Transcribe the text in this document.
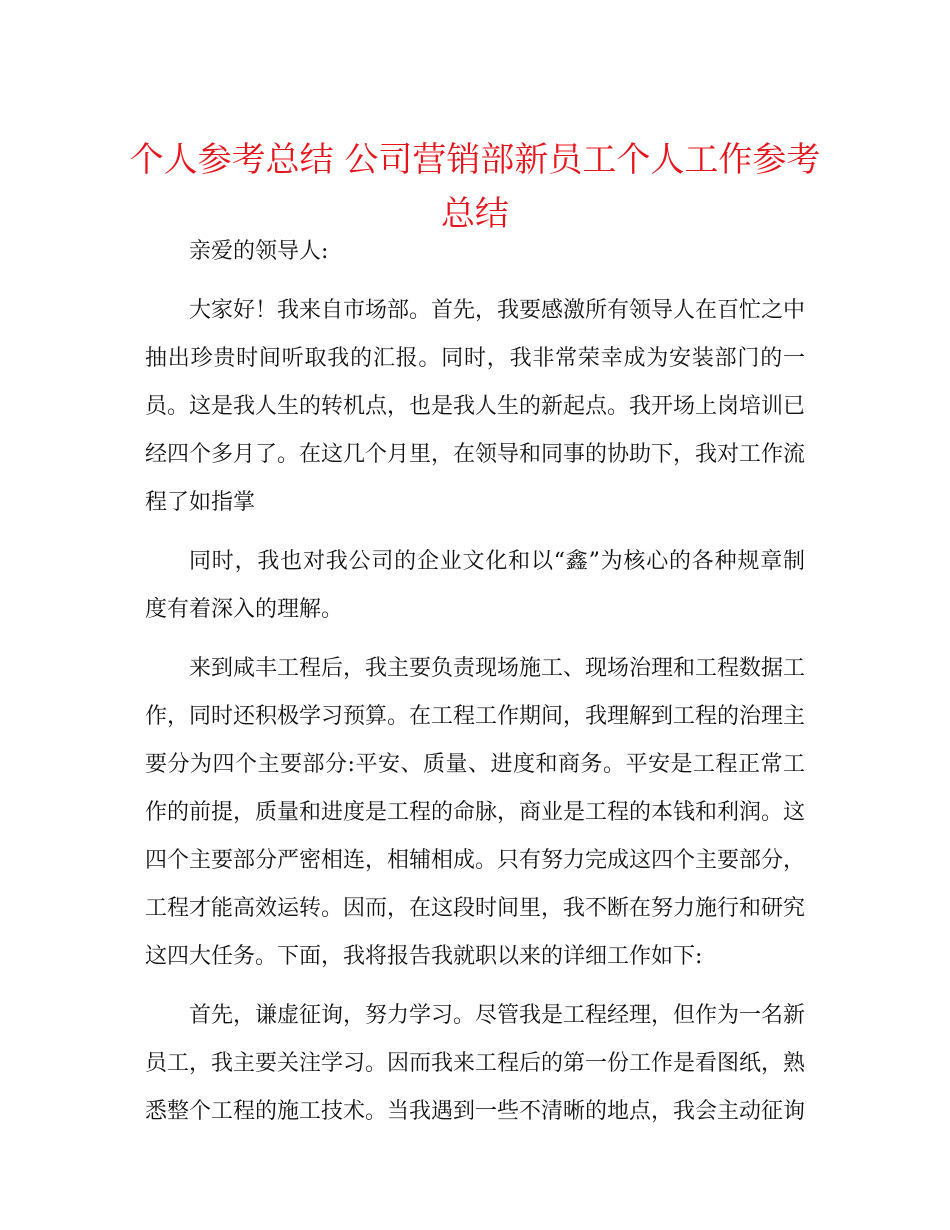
个人参考总结 公司营销部新员工个人工作参考总结

亲爱的领导人:

大家好！我来自市场部。首先，我要感激所有领导人在百忙之中抽出珍贵时间听取我的汇报。同时，我非常荣幸成为安装部门的一员。这是我人生的转机点，也是我人生的新起点。我开场上岗培训已经四个多月了。在这几个月里，在领导和同事的协助下，我对工作流程了如指掌

同时，我也对我公司的企业文化和以“鑫”为核心的各种规章制度有着深入的理解。

来到咸丰工程后，我主要负责现场施工、现场治理和工程数据工作，同时还积极学习预算。在工程工作期间，我理解到工程的治理主要分为四个主要部分:平安、质量、进度和商务。平安是工程正常工作的前提，质量和进度是工程的命脉，商业是工程的本钱和利润。这四个主要部分严密相连，相辅相成。只有努力完成这四个主要部分，工程才能高效运转。因而，在这段时间里，我不断在努力施行和研究这四大任务。下面，我将报告我就职以来的详细工作如下:

首先，谦虚征询，努力学习。尽管我是工程经理，但作为一名新员工，我主要关注学习。因而我来工程后的第一份工作是看图纸，熟悉整个工程的施工技术。当我遇到一些不清晰的地点，我会主动征询
